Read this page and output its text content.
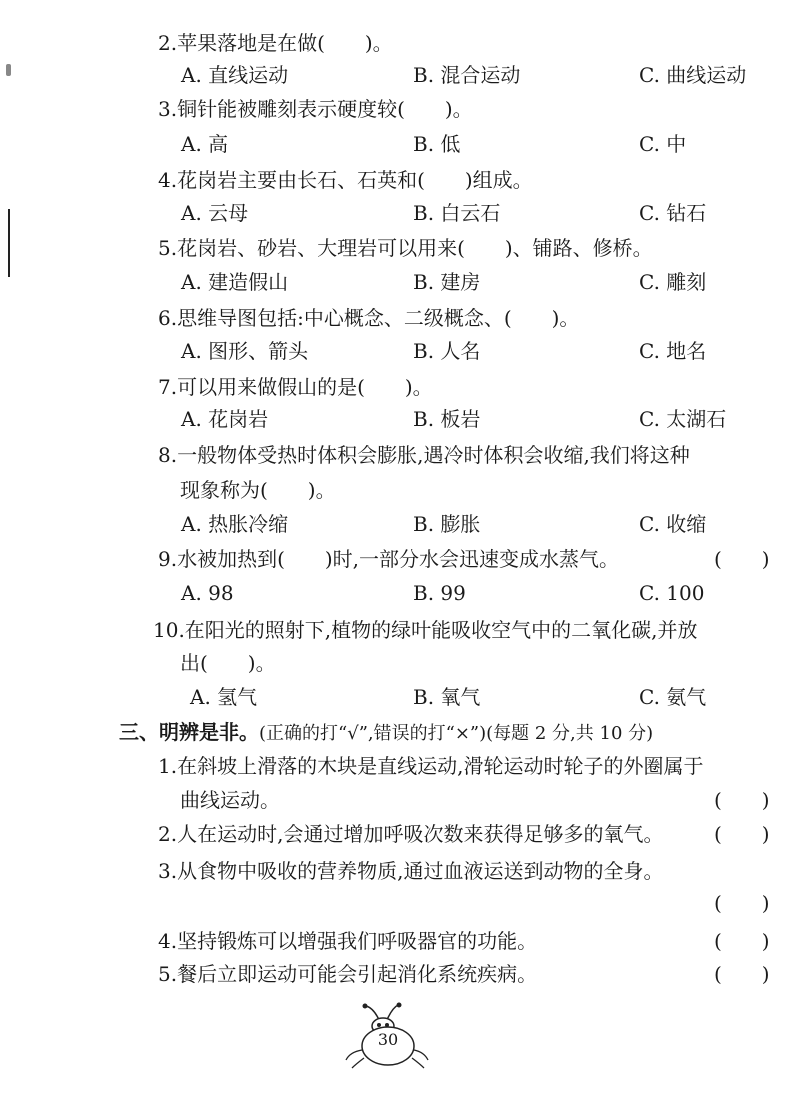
2.苹果落地是在做(　　)。
A. 直线运动	B. 混合运动	C. 曲线运动
3.铜针能被雕刻表示硬度较(　　)。
A. 高	B. 低	C. 中
4.花岗岩主要由长石、石英和(　　)组成。
A. 云母	B. 白云石	C. 钻石
5.花岗岩、砂岩、大理岩可以用来(　　)、铺路、修桥。
A. 建造假山	B. 建房	C. 雕刻
6.思维导图包括:中心概念、二级概念、(　　)。
A. 图形、箭头	B. 人名	C. 地名
7.可以用来做假山的是(　　)。
A. 花岗岩	B. 板岩	C. 太湖石
8.一般物体受热时体积会膨胀,遇冷时体积会收缩,我们将这种
现象称为(　　)。
A. 热胀冷缩	B. 膨胀	C. 收缩
9.水被加热到(　　)时,一部分水会迅速变成水蒸气。	(　　)
A. 98	B. 99	C. 100
10.在阳光的照射下,植物的绿叶能吸收空气中的二氧化碳,并放
出(　　)。
A. 氢气	B. 氧气	C. 氨气
三、明辨是非。(正确的打“√”,错误的打“×”)(每题 2 分,共 10 分)
1.在斜坡上滑落的木块是直线运动,滑轮运动时轮子的外圈属于
曲线运动。	(　　)
2.人在运动时,会通过增加呼吸次数来获得足够多的氧气。	(　　)
3.从食物中吸收的营养物质,通过血液运送到动物的全身。
(　　)
4.坚持锻炼可以增强我们呼吸器官的功能。	(　　)
5.餐后立即运动可能会引起消化系统疾病。	(　　)
30
